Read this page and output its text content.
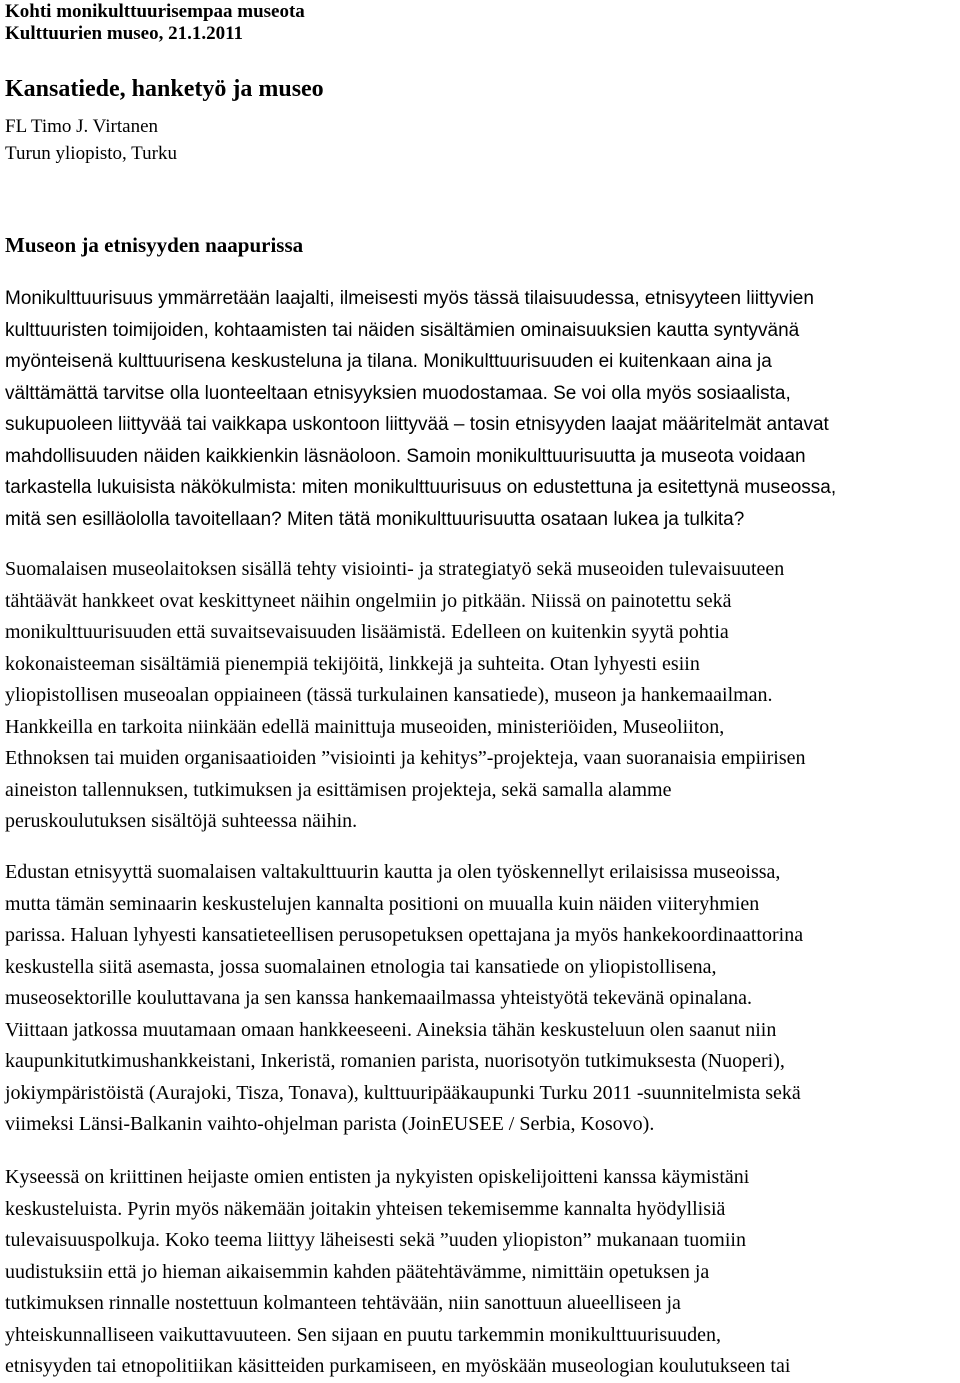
Kohti monikulttuurisempaa museota

Kulttuurien museo, 21.1.2011

Kansatiede, hanketyö ja museo
FL Timo J. Virtanen
Turun yliopisto, Turku
Museon ja etnisyyden naapurissa

Monikulttuurisuus ymmärretään laajalti, ilmeisesti myös tässä tilaisuudessa, etnisyyteen liittyvien
kulttuuristen toimijoiden, kohtaamisten tai näiden sisältämien ominaisuuksien kautta syntyvänä
myönteisenä kulttuurisena keskusteluna ja tilana. Monikulttuurisuuden ei kuitenkaan aina ja
välttämättä tarvitse olla luonteeltaan etnisyyksien muodostamaa. Se voi olla myös sosiaalista,
sukupuoleen liittyvää tai vaikkapa uskontoon liittyvää – tosin etnisyyden laajat määritelmät antavat
mahdollisuuden näiden kaikkienkin läsnäoloon. Samoin monikulttuurisuutta ja museota voidaan
tarkastella lukuisista näkökulmista: miten monikulttuurisuus on edustettuna ja esitettynä museossa,
mitä sen esilläololla tavoitellaan? Miten tätä monikulttuurisuutta osataan lukea ja tulkita?

Suomalaisen museolaitoksen sisällä tehty visiointi- ja strategiatyö sekä museoiden tulevaisuuteen
tähtäävät hankkeet ovat keskittyneet näihin ongelmiin jo pitkään. Niissä on painotettu sekä
monikulttuurisuuden että suvaitsevaisuuden lisäämistä. Edelleen on kuitenkin syytä pohtia
kokonaisteeman sisältämiä pienempiä tekijöitä, linkkejä ja suhteita. Otan lyhyesti esiin
yliopistollisen museoalan oppiaineen (tässä turkulainen kansatiede), museon ja hankemaailman.
Hankkeilla en tarkoita niinkään edellä mainittuja museoiden, ministeriöiden, Museoliiton,
Ethnoksen tai muiden organisaatioiden ”visiointi ja kehitys”-projekteja, vaan suoranaisia empiirisen
aineiston tallennuksen, tutkimuksen ja esittämisen projekteja, sekä samalla alamme
peruskoulutuksen sisältöjä suhteessa näihin.

Edustan etnisyyttä suomalaisen valtakulttuurin kautta ja olen työskennellyt erilaisissa museoissa,
mutta tämän seminaarin keskustelujen kannalta positioni on muualla kuin näiden viiteryhmien
parissa. Haluan lyhyesti kansatieteellisen perusopetuksen opettajana ja myös hankekoordinaattorina
keskustella siitä asemasta, jossa suomalainen etnologia tai kansatiede on yliopistollisena,
museosektorille kouluttavana ja sen kanssa hankemaailmassa yhteistyötä tekevänä opinalana.
Viittaan jatkossa muutamaan omaan hankkeeseeni. Aineksia tähän keskusteluun olen saanut niin
kaupunkitutkimushankkeistani, Inkeristä, romanien parista, nuorisotyön tutkimuksesta (Nuoperi),
jokiympäristöistä (Aurajoki, Tisza, Tonava), kulttuuripääkaupunki Turku 2011 -suunnitelmista sekä
viimeksi Länsi-Balkanin vaihto-ohjelman parista (JoinEUSEE / Serbia, Kosovo).

Kyseessä on kriittinen heijaste omien entisten ja nykyisten opiskelijoitteni kanssa käymistäni
keskusteluista. Pyrin myös näkemään joitakin yhteisen tekemisemme kannalta hyödyllisiä
tulevaisuuspolkuja. Koko teema liittyy läheisesti sekä ”uuden yliopiston” mukanaan tuomiin
uudistuksiin että jo hieman aikaisemmin kahden päätehtävämme, nimittäin opetuksen ja
tutkimuksen rinnalle nostettuun kolmanteen tehtävään, niin sanottuun alueelliseen ja
yhteiskunnalliseen vaikuttavuuteen. Sen sijaan en puutu tarkemmin monikulttuurisuuden,
etnisyyden tai etnopolitiikan käsitteiden purkamiseen, en myöskään museologian koulutukseen tai
